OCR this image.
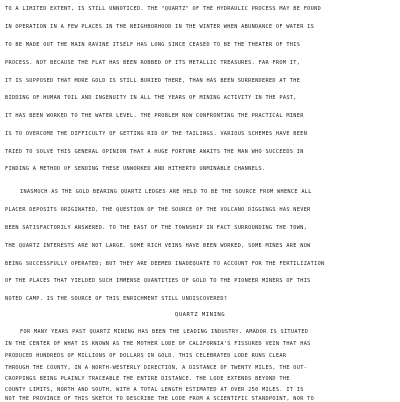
TO A LIMITED EXTENT, IS STILL UNNOTICED. THE "QUARTZ" OF THE HYDRAULIC PROCESS MAY BE FOUND
IN OPERATION IN A FEW PLACES IN THE NEIGHBORHOOD IN THE WINTER WHEN ABUNDANCE OF WATER IS
TO BE MADE OUT THE MAIN RAVINE ITSELF HAS LONG SINCE CEASED TO BE THE THEATER OF THIS
PROCESS. NOT BECAUSE THE FLAT HAS BEEN ROBBED OF ITS METALLIC TREASURES. FAR FROM IT,
IT IS SUPPOSED THAT MORE GOLD IS STILL BURIED THERE, THAN HAS BEEN SURRENDERED AT THE
BIDDING OF HUMAN TOIL AND INGENUITY IN ALL THE YEARS OF MINING ACTIVITY IN THE PAST,
IT HAS BEEN WORKED TO THE WATER LEVEL. THE PROBLEM NOW CONFRONTING THE PRACTICAL MINER
IS TO OVERCOME THE DIFFICULTY OF GETTING RID OF THE TAILINGS. VARIOUS SCHEMES HAVE BEEN
TRIED TO SOLVE THIS GENERAL OPINION THAT A HUGE FORTUNE AWAITS THE MAN WHO SUCCEEDS IN
FINDING A METHOD OF SENDING THESE UNWORKED AND HITHERTO UNMINABLE CHANNELS.
INASMUCH AS THE GOLD BEARING QUARTZ LEDGES ARE HELD TO BE THE SOURCE FROM WHENCE ALL
PLACER DEPOSITS ORIGINATED, THE QUESTION OF THE SOURCE OF THE VOLCANO DIGGINGS HAS NEVER
BEEN SATISFACTORILY ANSWERED. TO THE EAST OF THE TOWNSHIP IN FACT SURROUNDING THE TOWN,
THE QUARTZ INTERESTS ARE NOT LARGE. SOME RICH VEINS HAVE BEEN WORKED, SOME MINES ARE NOW
BEING SUCCESSFULLY OPERATED; BUT THEY ARE DEEMED INADEQUATE TO ACCOUNT FOR THE FERTILIZATION
OF THE PLACES THAT YIELDED SUCH IMMENSE QUANTITIES OF GOLD TO THE PIONEER MINERS OF THIS
NOTED CAMP. IS THE SOURCE OF THIS ENRICHMENT STILL UNDISCOVERED?
QUARTZ MINING
FOR MANY YEARS PAST QUARTZ MINING HAS BEEN THE LEADING INDUSTRY. AMADOR IS SITUATED
IN THE CENTER OF WHAT IS KNOWN AS THE MOTHER LODE OF CALIFORNIA'S FISSURED VEIN THAT HAS
PRODUCED HUNDREDS OF MILLIONS OF DOLLARS IN GOLD. THIS CELEBRATED LODE RUNS CLEAR
THROUGH THE COUNTY, IN A NORTH-WESTERLY DIRECTION, A DISTANCE OF TWENTY MILES, THE OUT-
CROPPINGS BEING PLAINLY TRACEABLE THE ENTIRE DISTANCE. THE LODE EXTENDS BEYOND THE
COUNTY LIMITS, NORTH AND SOUTH, WITH A TOTAL LENGTH ESTIMATED AT OVER 250 MILES. IT IS
NOT THE PROVINCE OF THIS SKETCH TO DESCRIBE THE LODE FROM A SCIENTIFIC STANDPOINT, NOR TO
